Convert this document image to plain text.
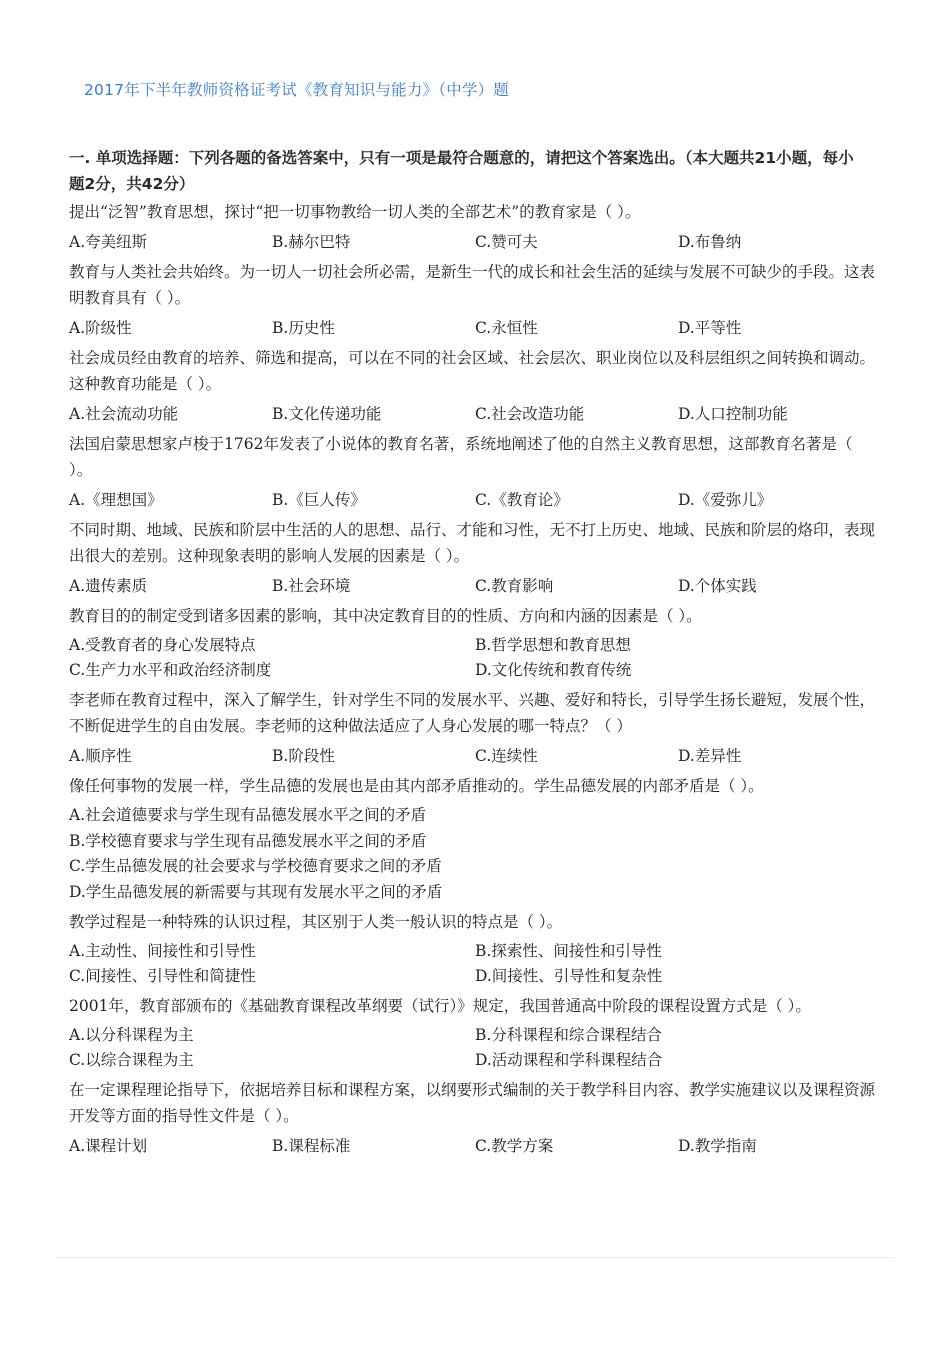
2017年下半年教师资格证考试《教育知识与能力》（中学）题
一. 单项选择题：下列各题的备选答案中，只有一项是最符合题意的，请把这个答案选出。（本大题共21小题，每小题2分，共42分）
提出“泛智”教育思想，探讨“把一切事物教给一切人类的全部艺术”的教育家是（ ）。
A.夸美纽斯	B.赫尔巴特	C.赞可夫	D.布鲁纳
教育与人类社会共始终。为一切人一切社会所必需，是新生一代的成长和社会生活的延续与发展不可缺少的手段。这表明教育具有（ ）。
A.阶级性	B.历史性	C.永恒性	D.平等性
社会成员经由教育的培养、筛选和提高，可以在不同的社会区域、社会层次、职业岗位以及科层组织之间转换和调动。这种教育功能是（ ）。
A.社会流动功能	B.文化传递功能	C.社会改造功能	D.人口控制功能
法国启蒙思想家卢梭于1762年发表了小说体的教育名著，系统地阐述了他的自然主义教育思想，这部教育名著是（ ）。
A.《理想国》	B.《巨人传》	C.《教育论》	D.《爱弥儿》
不同时期、地域、民族和阶层中生活的人的思想、品行、才能和习性，无不打上历史、地域、民族和阶层的烙印，表现出很大的差别。这种现象表明的影响人发展的因素是（ ）。
A.遗传素质	B.社会环境	C.教育影响	D.个体实践
教育目的的制定受到诸多因素的影响，其中决定教育目的的性质、方向和内涵的因素是（ ）。
A.受教育者的身心发展特点	B.哲学思想和教育思想
C.生产力水平和政治经济制度	D.文化传统和教育传统
李老师在教育过程中，深入了解学生，针对学生不同的发展水平、兴趣、爱好和特长，引导学生扬长避短，发展个性，不断促进学生的自由发展。李老师的这种做法适应了人身心发展的哪一特点？（ ）
A.顺序性	B.阶段性	C.连续性	D.差异性
像任何事物的发展一样，学生品德的发展也是由其内部矛盾推动的。学生品德发展的内部矛盾是（ ）。
A.社会道德要求与学生现有品德发展水平之间的矛盾
B.学校德育要求与学生现有品德发展水平之间的矛盾
C.学生品德发展的社会要求与学校德育要求之间的矛盾
D.学生品德发展的新需要与其现有发展水平之间的矛盾
教学过程是一种特殊的认识过程，其区别于人类一般认识的特点是（ ）。
A.主动性、间接性和引导性	B.探索性、间接性和引导性
C.间接性、引导性和简捷性	D.间接性、引导性和复杂性
2001年，教育部颁布的《基础教育课程改革纲要（试行）》规定，我国普通高中阶段的课程设置方式是（ ）。
A.以分科课程为主	B.分科课程和综合课程结合
C.以综合课程为主	D.活动课程和学科课程结合
在一定课程理论指导下，依据培养目标和课程方案，以纲要形式编制的关于教学科目内容、教学实施建议以及课程资源开发等方面的指导性文件是（ ）。
A.课程计划	B.课程标准	C.教学方案	D.教学指南
